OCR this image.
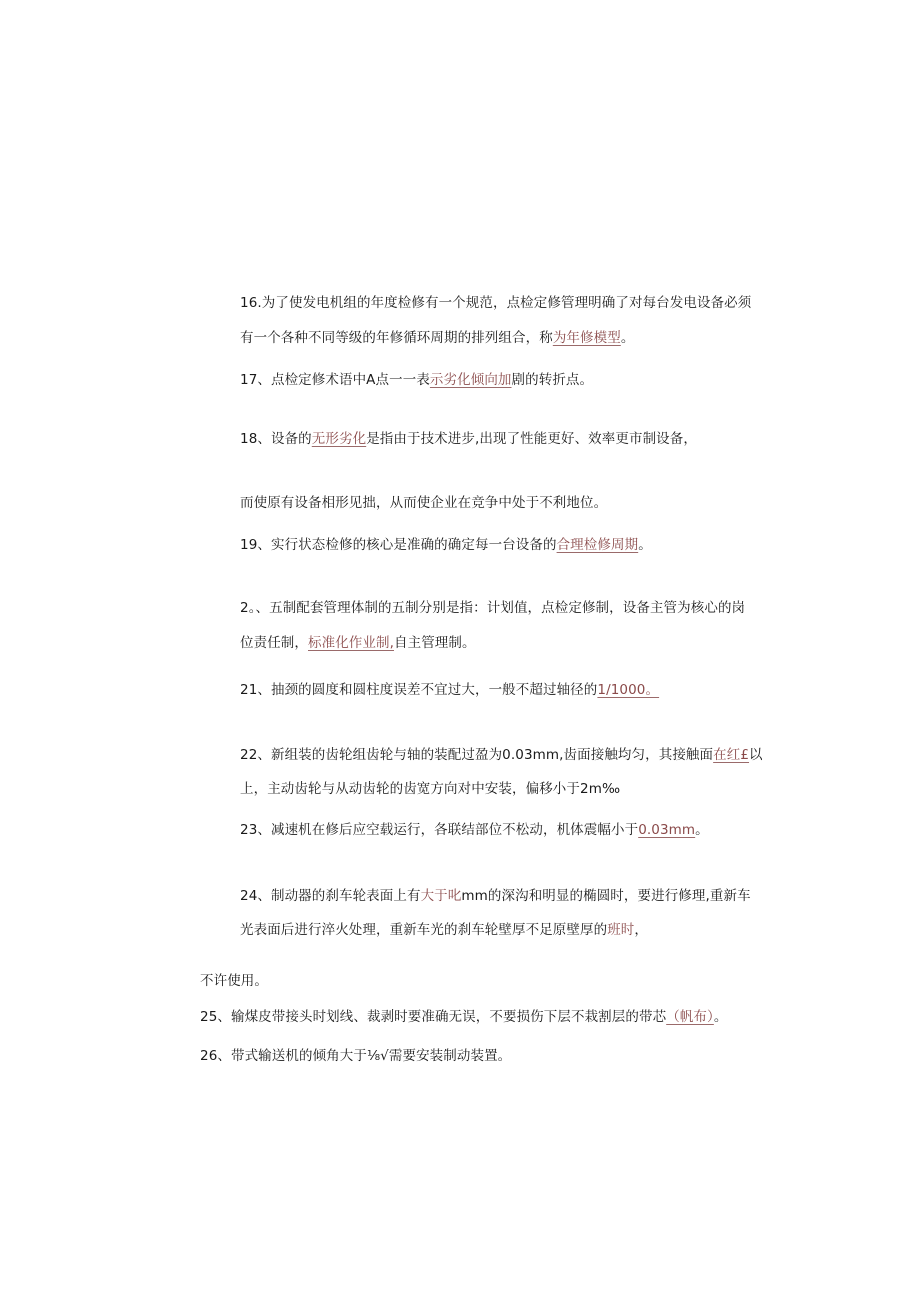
16.为了使发电机组的年度检修有一个规范，点检定修管理明确了对每台发电设备必须
有一个各种不同等级的年修循环周期的排列组合，称为年修模型。
17、点检定修术语中A点一一表示劣化倾向加剧的转折点。
18、设备的无形劣化是指由于技术进步,出现了性能更好、效率更市制设备，
而使原有设备相形见拙，从而使企业在竞争中处于不利地位。
19、实行状态检修的核心是准确的确定每一台设备的合理检修周期。
2。、五制配套管理体制的五制分别是指：计划值，点检定修制，设备主管为核心的岗
位责任制，标准化作业制,自主管理制。
21、抽颈的圆度和圆柱度误差不宜过大，一般不超过轴径的1/1000。
22、新组装的齿轮组齿轮与轴的装配过盈为0.03mm,齿面接触均匀，其接触面在红£以
上，主动齿轮与从动齿轮的齿宽方向对中安装，偏移小于2m‰
23、减速机在修后应空载运行，各联结部位不松动，机体震幅小于0.03mm。
24、制动器的刹车轮表面上有大于叱mm的深沟和明显的椭圆时，要进行修理,重新车
光表面后进行淬火处理，重新车光的刹车轮壁厚不足原壁厚的班时，
不许使用。
25、输煤皮带接头时划线、裁剥时要准确无误，不要损伤下层不栽割层的带芯（帆布）。
26、带式输送机的倾角大于⅛√需要安装制动装置。
